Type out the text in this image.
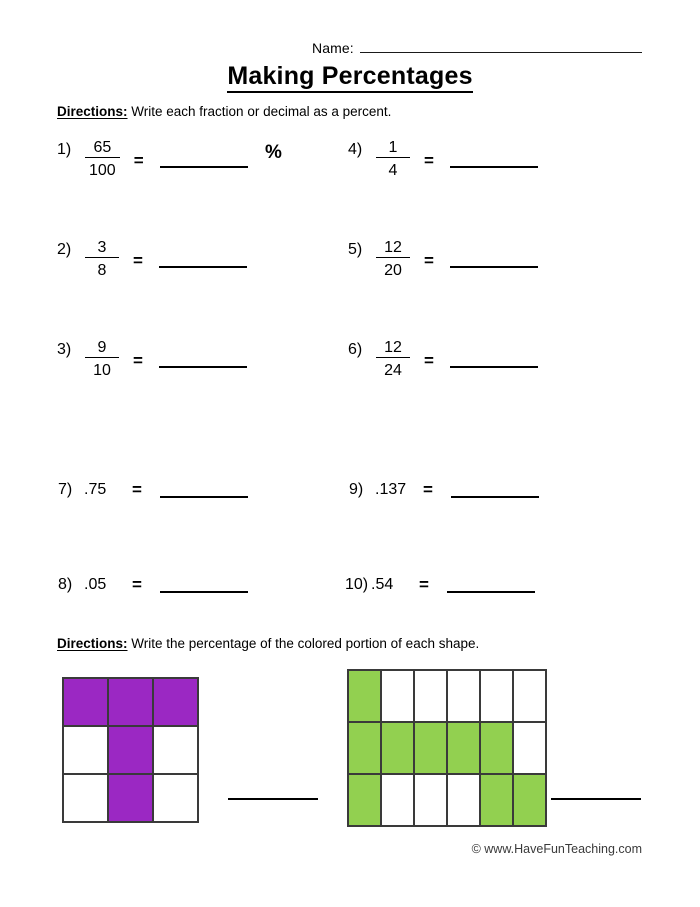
Name:
Making Percentages
Directions: Write each fraction or decimal as a percent.
$1) \frac{65}{100}$ =	%
$2) \frac{3}{8}$ =
$3) \frac{9}{10}$ =
$4) \frac{1}{4}$ =
$5) \frac{12}{20}$ =
$6) \frac{12}{24}$ =
7) .75	=
8) .05	=
9) .137 =
10) .54	=
Directions: Write the percentage of the colored portion of each shape.
© www.HaveFunTeaching.com
